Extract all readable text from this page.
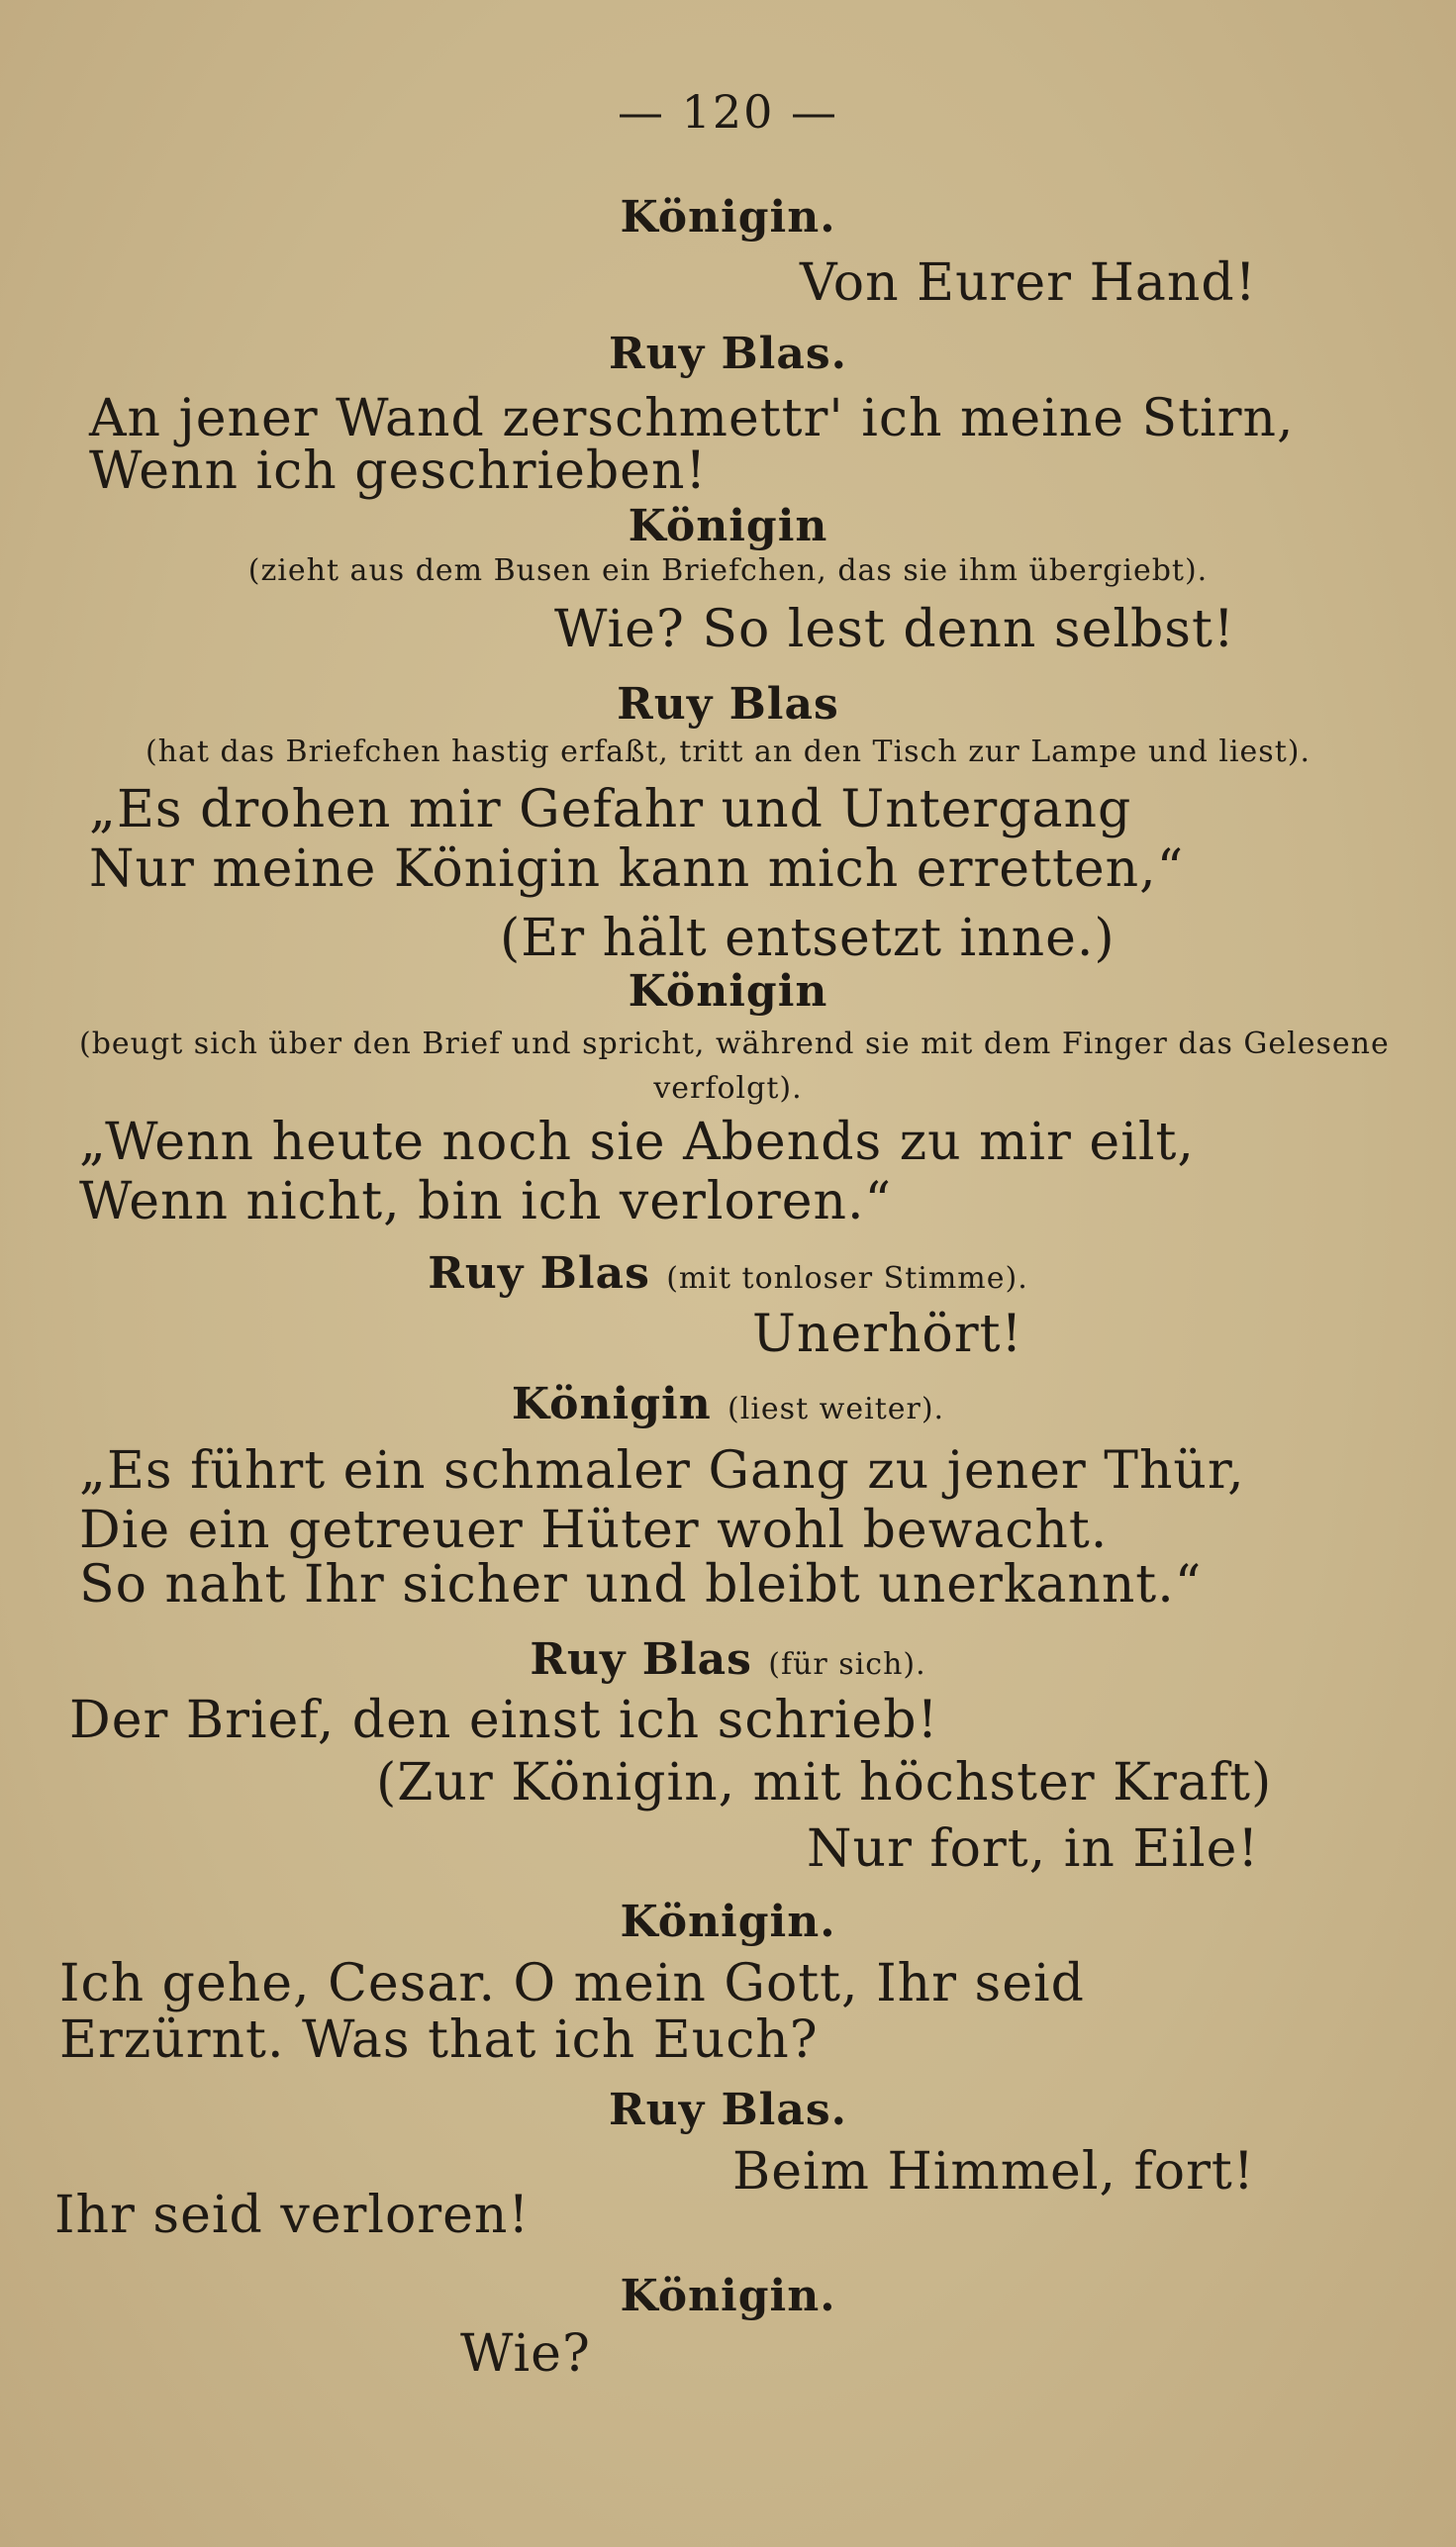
— 120 —
Königin.
Von Eurer Hand!
Ruy Blas.
An jener Wand zerschmettr' ich meine Stirn,
Wenn ich geschrieben!
Königin
(zieht aus dem Busen ein Briefchen, das sie ihm übergiebt).
Wie? So lest denn selbst!
Ruy Blas
(hat das Briefchen hastig erfaßt, tritt an den Tisch zur Lampe und liest).
„Es drohen mir Gefahr und Untergang
Nur meine Königin kann mich erretten,“
(Er hält entsetzt inne.)
Königin
(beugt sich über den Brief und spricht, während sie mit dem Finger das Gelesene
verfolgt).
„Wenn heute noch sie Abends zu mir eilt,
Wenn nicht, bin ich verloren.“
Ruy Blas (mit tonloser Stimme).
Unerhört!
Königin (liest weiter).
„Es führt ein schmaler Gang zu jener Thür,
Die ein getreuer Hüter wohl bewacht.
So naht Ihr sicher und bleibt unerkannt.“
Ruy Blas (für sich).
Der Brief, den einst ich schrieb!
(Zur Königin, mit höchster Kraft)
Nur fort, in Eile!
Königin.
Ich gehe, Cesar. O mein Gott, Ihr seid
Erzürnt. Was that ich Euch?
Ruy Blas.
Beim Himmel, fort!
Ihr seid verloren!
Königin.
Wie?
